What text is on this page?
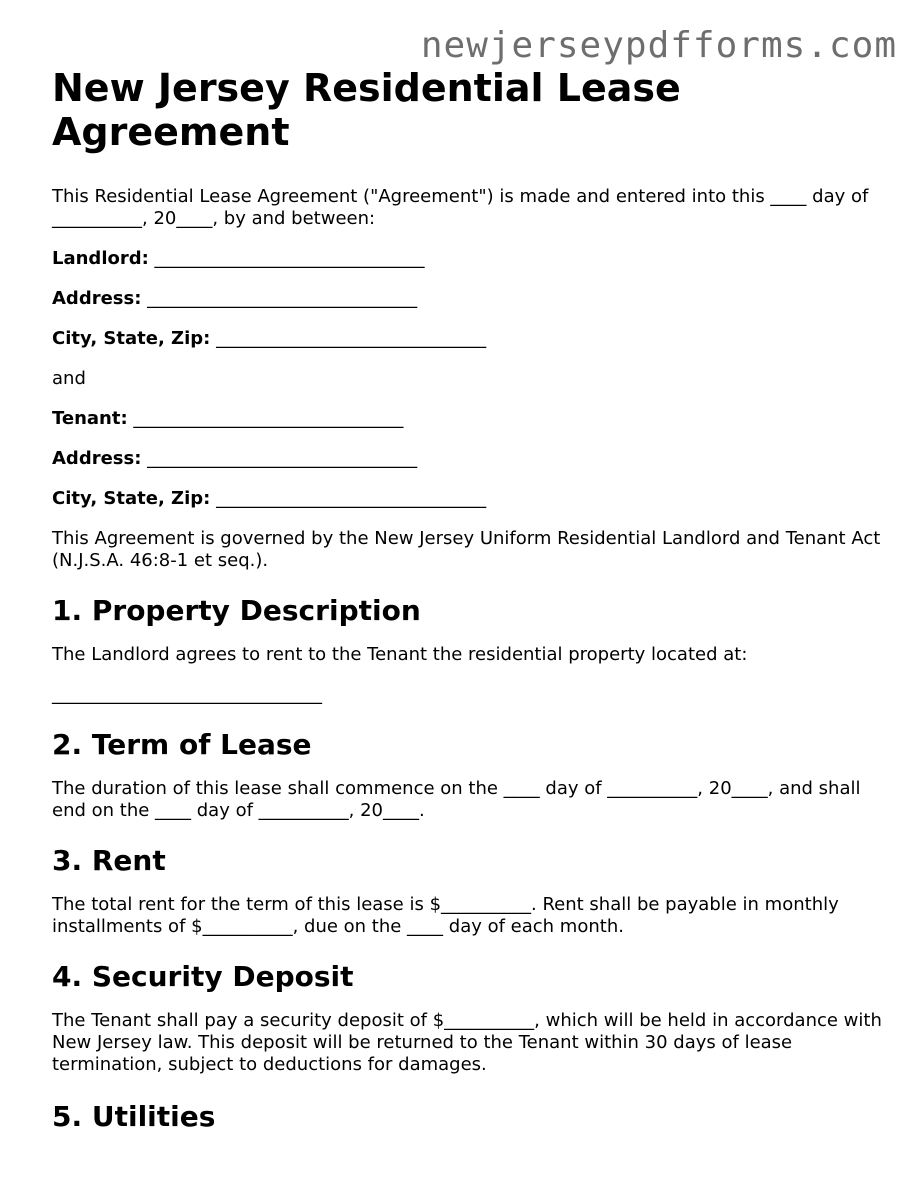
newjerseypdfforms.com
New Jersey Residential Lease Agreement

This Residential Lease Agreement ("Agreement") is made and entered into this ____ day of __________, 20____, by and between:

Landlord: ______________________________

Address: ______________________________

City, State, Zip: ______________________________

and

Tenant: ______________________________

Address: ______________________________

City, State, Zip: ______________________________

This Agreement is governed by the New Jersey Uniform Residential Landlord and Tenant Act (N.J.S.A. 46:8-1 et seq.).

1. Property Description

The Landlord agrees to rent to the Tenant the residential property located at:

______________________________

2. Term of Lease

The duration of this lease shall commence on the ____ day of __________, 20____, and shall end on the ____ day of __________, 20____.

3. Rent

The total rent for the term of this lease is $__________. Rent shall be payable in monthly installments of $__________, due on the ____ day of each month.

4. Security Deposit

The Tenant shall pay a security deposit of $__________, which will be held in accordance with New Jersey law. This deposit will be returned to the Tenant within 30 days of lease termination, subject to deductions for damages.

5. Utilities
